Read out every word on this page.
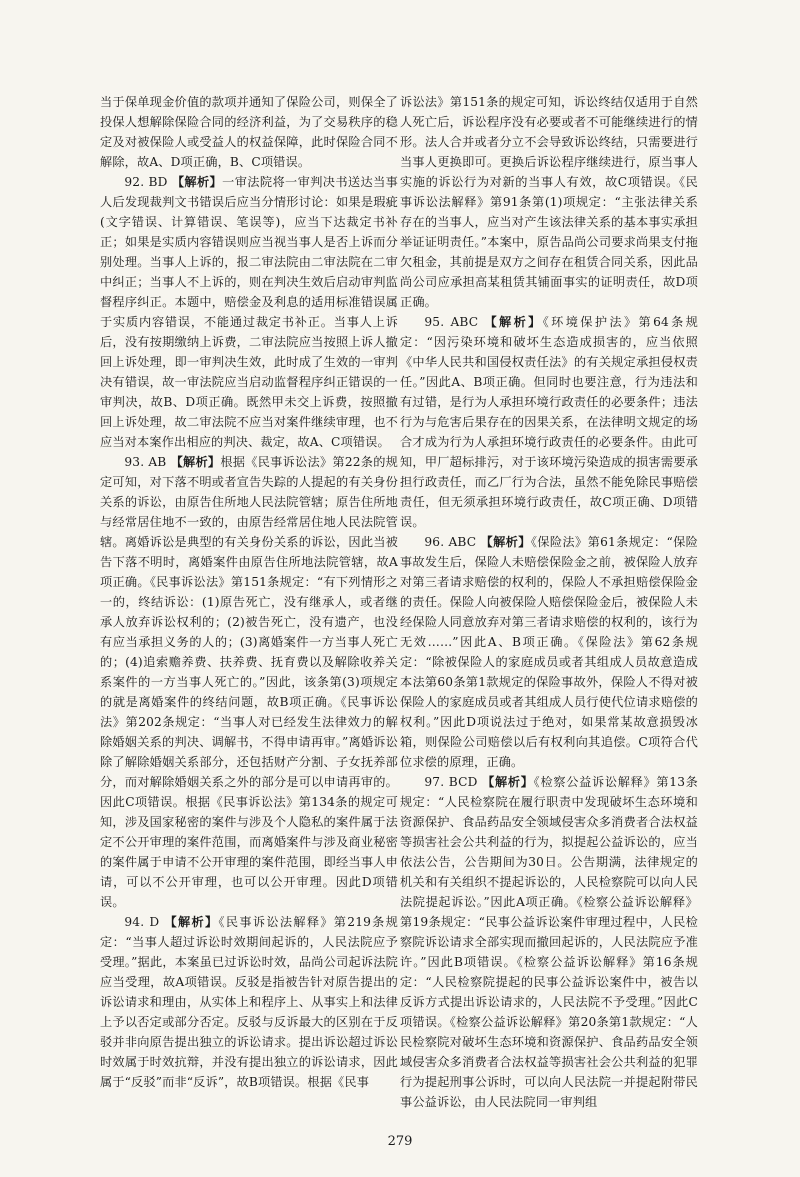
当于保单现金价值的款项并通知了保险公司，则保全了投保人想解除保险合同的经济利益，为了交易秩序的稳定及对被保险人或受益人的权益保障，此时保险合同不解除，故A、D项正确，B、C项错误。

92. BD 【解析】一审法院将一审判决书送达当事人后发现裁判文书错误后应当分情形讨论：如果是瑕疵(文字错误、计算错误、笔误等)，应当下达裁定书补正；如果是实质内容错误则应当视当事人是否上诉而分别处理。当事人上诉的，报二审法院由二审法院在二审中纠正；当事人不上诉的，则在判决生效后启动审判监督程序纠正。本题中，赔偿金及利息的适用标准错误属于实质内容错误，不能通过裁定书补正。当事人上诉后，没有按期缴纳上诉费，二审法院应当按照上诉人撤回上诉处理，即一审判决生效，此时成了生效的一审判决有错误，故一审法院应当启动监督程序纠正错误的一审判决，故B、D项正确。既然甲未交上诉费，按照撤回上诉处理，故二审法院不应当对案件继续审理，也不应当对本案作出相应的判决、裁定，故A、C项错误。

93. AB 【解析】根据《民事诉讼法》第22条的规定可知，对下落不明或者宣告失踪的人提起的有关身份关系的诉讼，由原告住所地人民法院管辖；原告住所地与经常居住地不一致的，由原告经常居住地人民法院管辖。离婚诉讼是典型的有关身份关系的诉讼，因此当被告下落不明时，离婚案件由原告住所地法院管辖，故A项正确。《民事诉讼法》第151条规定：“有下列情形之一的，终结诉讼：(1)原告死亡，没有继承人，或者继承人放弃诉讼权利的；(2)被告死亡，没有遗产，也没有应当承担义务的人的；(3)离婚案件一方当事人死亡的；(4)追索赡养费、扶养费、抚育费以及解除收养关系案件的一方当事人死亡的。”因此，该条第(3)项规定的就是离婚案件的终结问题，故B项正确。《民事诉讼法》第202条规定：“当事人对已经发生法律效力的解除婚姻关系的判决、调解书，不得申请再审。”离婚诉讼除了解除婚姻关系部分，还包括财产分割、子女抚养部分，而对解除婚姻关系之外的部分是可以申请再审的。因此C项错误。根据《民事诉讼法》第134条的规定可知，涉及国家秘密的案件与涉及个人隐私的案件属于法定不公开审理的案件范围，而离婚案件与涉及商业秘密的案件属于申请不公开审理的案件范围，即经当事人申请，可以不公开审理，也可以公开审理。因此D项错误。

94. D 【解析】《民事诉讼法解释》第219条规定：“当事人超过诉讼时效期间起诉的，人民法院应予受理。”据此，本案虽已过诉讼时效，品尚公司起诉法院应当受理，故A项错误。反驳是指被告针对原告提出的诉讼请求和理由，从实体上和程序上、从事实上和法律上予以否定或部分否定。反驳与反诉最大的区别在于反驳并非向原告提出独立的诉讼请求。提出诉讼超过诉讼时效属于时效抗辩，并没有提出独立的诉讼请求，因此属于“反驳”而非“反诉”，故B项错误。根据《民事

诉讼法》第151条的规定可知，诉讼终结仅适用于自然人死亡后，诉讼程序没有必要或者不可能继续进行的情形。法人合并或者分立不会导致诉讼终结，只需要进行当事人更换即可。更换后诉讼程序继续进行，原当事人实施的诉讼行为对新的当事人有效，故C项错误。《民事诉讼法解释》第91条第(1)项规定：“主张法律关系存在的当事人，应当对产生该法律关系的基本事实承担举证证明责任。”本案中，原告品尚公司要求尚果支付拖欠租金，其前提是双方之间存在租赁合同关系，因此品尚公司应承担高某租赁其铺面事实的证明责任，故D项正确。

95. ABC 【解析】《环境保护法》第64条规定：“因污染环境和破坏生态造成损害的，应当依照《中华人民共和国侵权责任法》的有关规定承担侵权责任。”因此A、B项正确。但同时也要注意，行为违法和有过错，是行为人承担环境行政责任的必要条件；违法行为与危害后果存在的因果关系，在法律明文规定的场合才成为行为人承担环境行政责任的必要条件。由此可知，甲厂超标排污，对于该环境污染造成的损害需要承担行政责任，而乙厂行为合法，虽然不能免除民事赔偿责任，但无须承担环境行政责任，故C项正确、D项错误。

96. ABC 【解析】《保险法》第61条规定：“保险事故发生后，保险人未赔偿保险金之前，被保险人放弃对第三者请求赔偿的权利的，保险人不承担赔偿保险金的责任。保险人向被保险人赔偿保险金后，被保险人未经保险人同意放弃对第三者请求赔偿的权利的，该行为无效……”因此A、B项正确。《保险法》第62条规定：“除被保险人的家庭成员或者其组成人员故意造成本法第60条第1款规定的保险事故外，保险人不得对被保险人的家庭成员或者其组成人员行使代位请求赔偿的权利。”因此D项说法过于绝对，如果常某故意损毁冰箱，则保险公司赔偿以后有权利向其追偿。C项符合代位求偿的原理，正确。

97. BCD 【解析】《检察公益诉讼解释》第13条规定：“人民检察院在履行职责中发现破坏生态环境和资源保护、食品药品安全领域侵害众多消费者合法权益等损害社会公共利益的行为，拟提起公益诉讼的，应当依法公告，公告期间为30日。公告期满，法律规定的机关和有关组织不提起诉讼的，人民检察院可以向人民法院提起诉讼。”因此A项正确。《检察公益诉讼解释》第19条规定：“民事公益诉讼案件审理过程中，人民检察院诉讼请求全部实现而撤回起诉的，人民法院应予准许。”因此B项错误。《检察公益诉讼解释》第16条规定：“人民检察院提起的民事公益诉讼案件中，被告以反诉方式提出诉讼请求的，人民法院不予受理。”因此C项错误。《检察公益诉讼解释》第20条第1款规定：“人民检察院对破坏生态环境和资源保护、食品药品安全领域侵害众多消费者合法权益等损害社会公共利益的犯罪行为提起刑事公诉时，可以向人民法院一并提起附带民事公益诉讼，由人民法院同一审判组

279
